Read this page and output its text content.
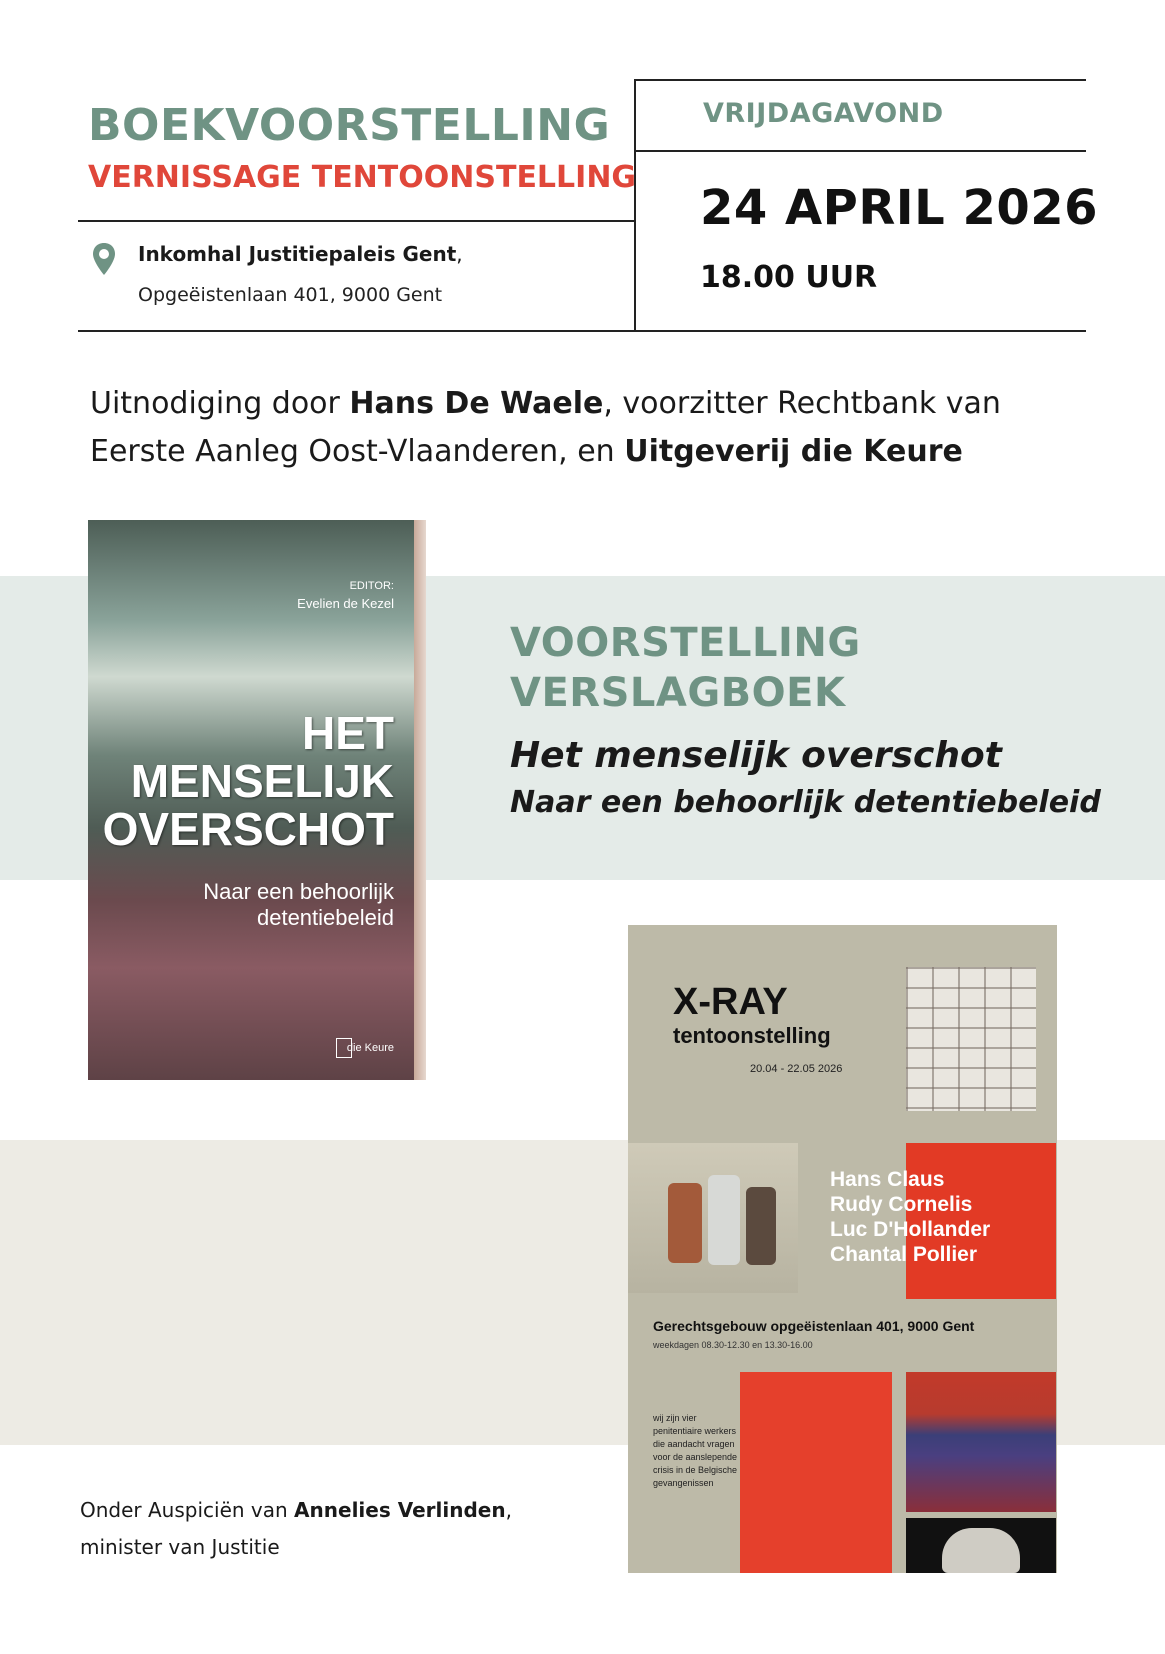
BOEKVOORSTELLING
VERNISSAGE TENTOONSTELLING
Inkomhal Justitiepaleis Gent,
Opgeëistenlaan 401, 9000 Gent
VRIJDAGAVOND
24 APRIL 2026
18.00 UUR
Uitnodiging door Hans De Waele, voorzitter Rechtbank van Eerste Aanleg Oost-Vlaanderen, en Uitgeverij die Keure
VOORSTELLING
VERSLAGBOEK
Het menselijk overschot
Naar een behoorlijk detentiebeleid
EDITOR:
Evelien de Kezel
HET
MENSELIJK
OVERSCHOT
Naar een behoorlijk
detentiebeleid
die Keure
X-RAY
tentoonstelling
20.04 - 22.05 2026
Hans Claus
Rudy Cornelis
Luc D'Hollander
Chantal Pollier
Gerechtsgebouw opgeëistenlaan 401, 9000 Gent
weekdagen 08.30-12.30 en 13.30-16.00
wij zijn vier penitentiaire werkers die aandacht vragen voor de aanslepende crisis in de Belgische gevangenissen
Onder Auspiciën van Annelies Verlinden,
minister van Justitie
